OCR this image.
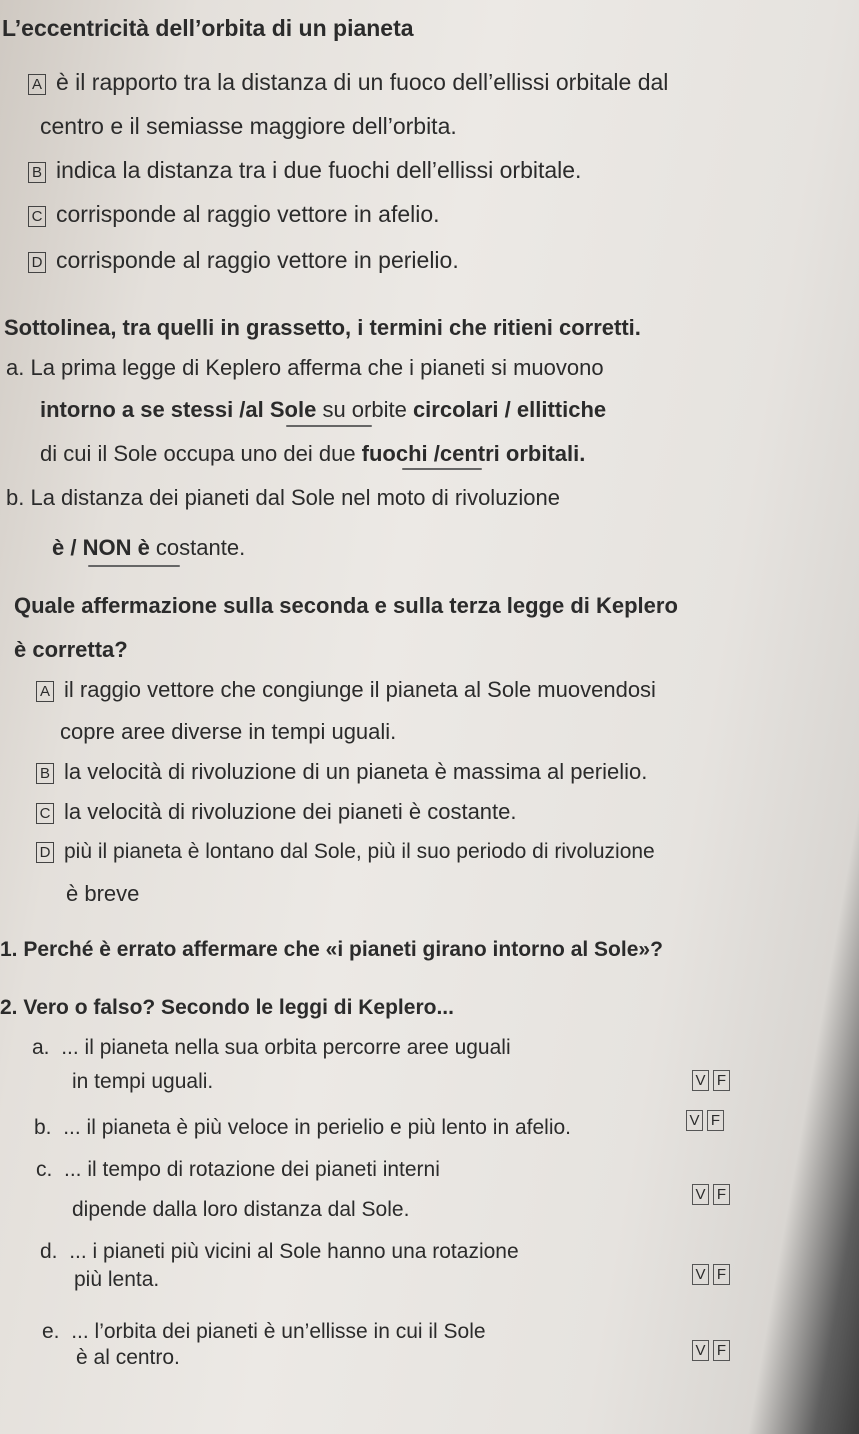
L’eccentricità dell’orbita di un pianeta
A è il rapporto tra la distanza di un fuoco dell’ellissi orbitale dal
centro e il semiasse maggiore dell’orbita.
B indica la distanza tra i due fuochi dell’ellissi orbitale.
C corrisponde al raggio vettore in afelio.
D corrisponde al raggio vettore in perielio.
Sottolinea, tra quelli in grassetto, i termini che ritieni corretti.
a. La prima legge di Keplero afferma che i pianeti si muovono
intorno a se stessi /al Sole su orbite circolari / ellittiche
di cui il Sole occupa uno dei due fuochi /centri orbitali.
b. La distanza dei pianeti dal Sole nel moto di rivoluzione
è / NON è costante.
Quale affermazione sulla seconda e sulla terza legge di Keplero
è corretta?
A il raggio vettore che congiunge il pianeta al Sole muovendosi
copre aree diverse in tempi uguali.
B la velocità di rivoluzione di un pianeta è massima al perielio.
C la velocità di rivoluzione dei pianeti è costante.
D più il pianeta è lontano dal Sole, più il suo periodo di rivoluzione
è breve
1. Perché è errato affermare che «i pianeti girano intorno al Sole»?
2. Vero o falso? Secondo le leggi di Keplero...
a. ... il pianeta nella sua orbita percorre aree uguali
in tempi uguali.	V F
b. ... il pianeta è più veloce in perielio e più lento in afelio.	V F
c. ... il tempo di rotazione dei pianeti interni
dipende dalla loro distanza dal Sole.
V F
d. ... i pianeti più vicini al Sole hanno una rotazione
più lenta.	V F
e. ... l’orbita dei pianeti è un’ellisse in cui il Sole
è al centro.	V F
